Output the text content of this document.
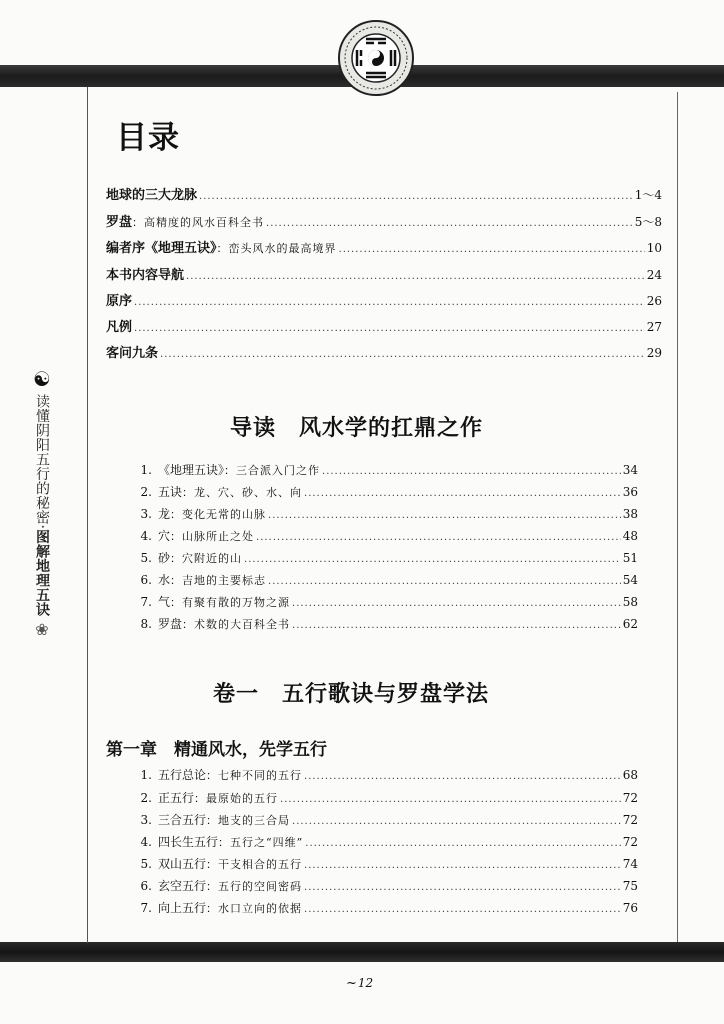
☯
读懂阴阳五行的秘密·图解地理五诀
❀
目录
地球的三大龙脉 .....	1～4
罗盘：高精度的风水百科全书 .....	5～8
编者序《地理五诀》：峦头风水的最高境界 .....	10
本书内容导航 .....	24
原序 .....	26
凡例 .....	27
客问九条 .....	29
导读　风水学的扛鼎之作
1. 《地理五诀》：三合派入门之作 .....	34
2. 五诀：龙、穴、砂、水、向 .....	36
3. 龙：变化无常的山脉 .....	38
4. 穴：山脉所止之处 .....	48
5. 砂：穴附近的山 .....	51
6. 水：吉地的主要标志 .....	54
7. 气：有聚有散的万物之源 .....	58
8. 罗盘：术数的大百科全书 .....	62
卷一　五行歌诀与罗盘学法
第一章　精通风水，先学五行
1. 五行总论：七种不同的五行 .....	68
2. 正五行：最原始的五行 .....	72
3. 三合五行：地支的三合局 .....	72
4. 四长生五行：五行之“四维” .....	72
5. 双山五行：干支相合的五行 .....	74
6. 玄空五行：五行的空间密码 .....	75
7. 向上五行：水口立向的依据 .....	76
~12
